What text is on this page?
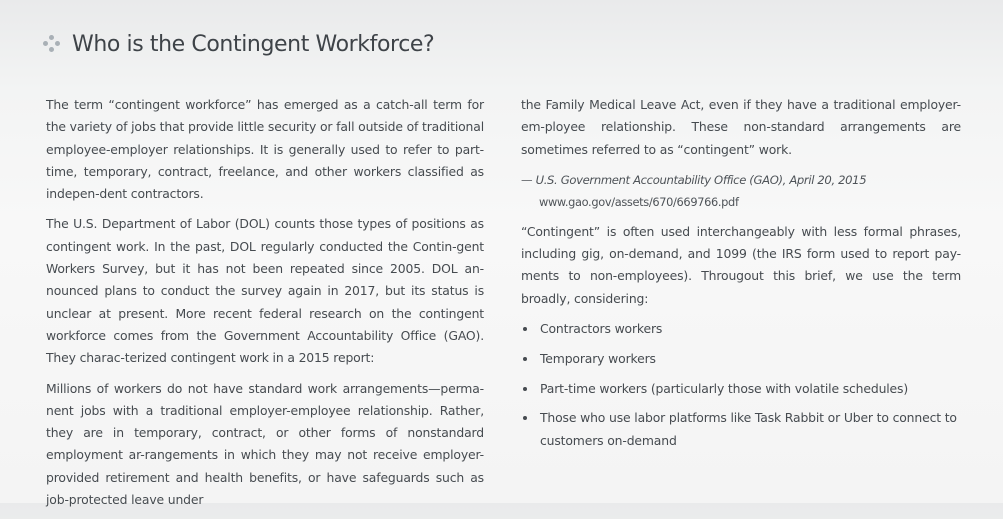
Who is the Contingent Workforce?

The term “contingent workforce” has emerged as a catch-all term for the variety of jobs that provide little security or fall outside of traditional employee-employer relationships. It is generally used to refer to part-time, temporary, contract, freelance, and other workers classified as indepen-dent contractors.

The U.S. Department of Labor (DOL) counts those types of positions as contingent work. In the past, DOL regularly conducted the Contin-gent Workers Survey, but it has not been repeated since 2005. DOL an-nounced plans to conduct the survey again in 2017, but its status is unclear at present. More recent federal research on the contingent workforce comes from the Government Accountability Office (GAO). They charac-terized contingent work in a 2015 report:

Millions of workers do not have standard work arrangements—perma-nent jobs with a traditional employer-employee relationship. Rather, they are in temporary, contract, or other forms of nonstandard employment ar-rangements in which they may not receive employer-provided retirement and health benefits, or have safeguards such as job-protected leave under

the Family Medical Leave Act, even if they have a traditional employer-em-ployee relationship. These non-standard arrangements are sometimes referred to as “contingent” work.

— U.S. Government Accountability Office (GAO), April 20, 2015
www.gao.gov/assets/670/669766.pdf

“Contingent” is often used interchangeably with less formal phrases, including gig, on-demand, and 1099 (the IRS form used to report pay-ments to non-employees). Througout this brief, we use the term broadly, considering:

Contractors workers
Temporary workers
Part-time workers (particularly those with volatile schedules)
Those who use labor platforms like Task Rabbit or Uber to connect to customers on-demand
